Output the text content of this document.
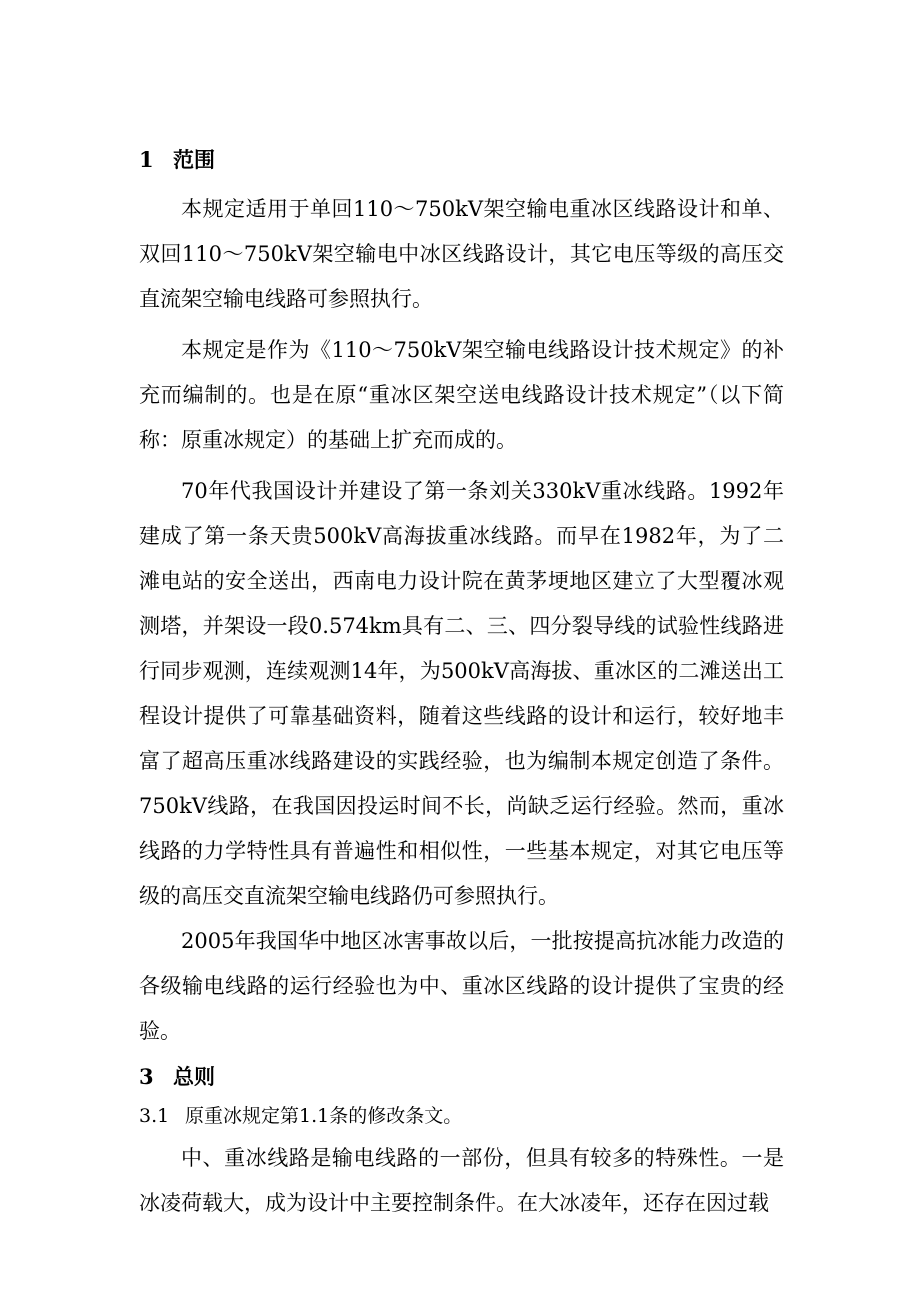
1 范围

本规定适用于单回110～750kV架空输电重冰区线路设计和单、双回110～750kV架空输电中冰区线路设计，其它电压等级的高压交直流架空输电线路可参照执行。

本规定是作为《110～750kV架空输电线路设计技术规定》的补充而编制的。也是在原“重冰区架空送电线路设计技术规定”（以下简称：原重冰规定）的基础上扩充而成的。

70年代我国设计并建设了第一条刘关330kV重冰线路。1992年建成了第一条天贵500kV高海拔重冰线路。而早在1982年，为了二滩电站的安全送出，西南电力设计院在黄茅埂地区建立了大型覆冰观测塔，并架设一段0.574km具有二、三、四分裂导线的试验性线路进行同步观测，连续观测14年，为500kV高海拔、重冰区的二滩送出工程设计提供了可靠基础资料，随着这些线路的设计和运行，较好地丰富了超高压重冰线路建设的实践经验，也为编制本规定创造了条件。750kV线路，在我国因投运时间不长，尚缺乏运行经验。然而，重冰线路的力学特性具有普遍性和相似性，一些基本规定，对其它电压等级的高压交直流架空输电线路仍可参照执行。

2005年我国华中地区冰害事故以后，一批按提高抗冰能力改造的各级输电线路的运行经验也为中、重冰区线路的设计提供了宝贵的经验。

3 总则

3.1 原重冰规定第1.1条的修改条文。

中、重冰线路是输电线路的一部份，但具有较多的特殊性。一是冰凌荷载大，成为设计中主要控制条件。在大冰凌年，还存在因过载
